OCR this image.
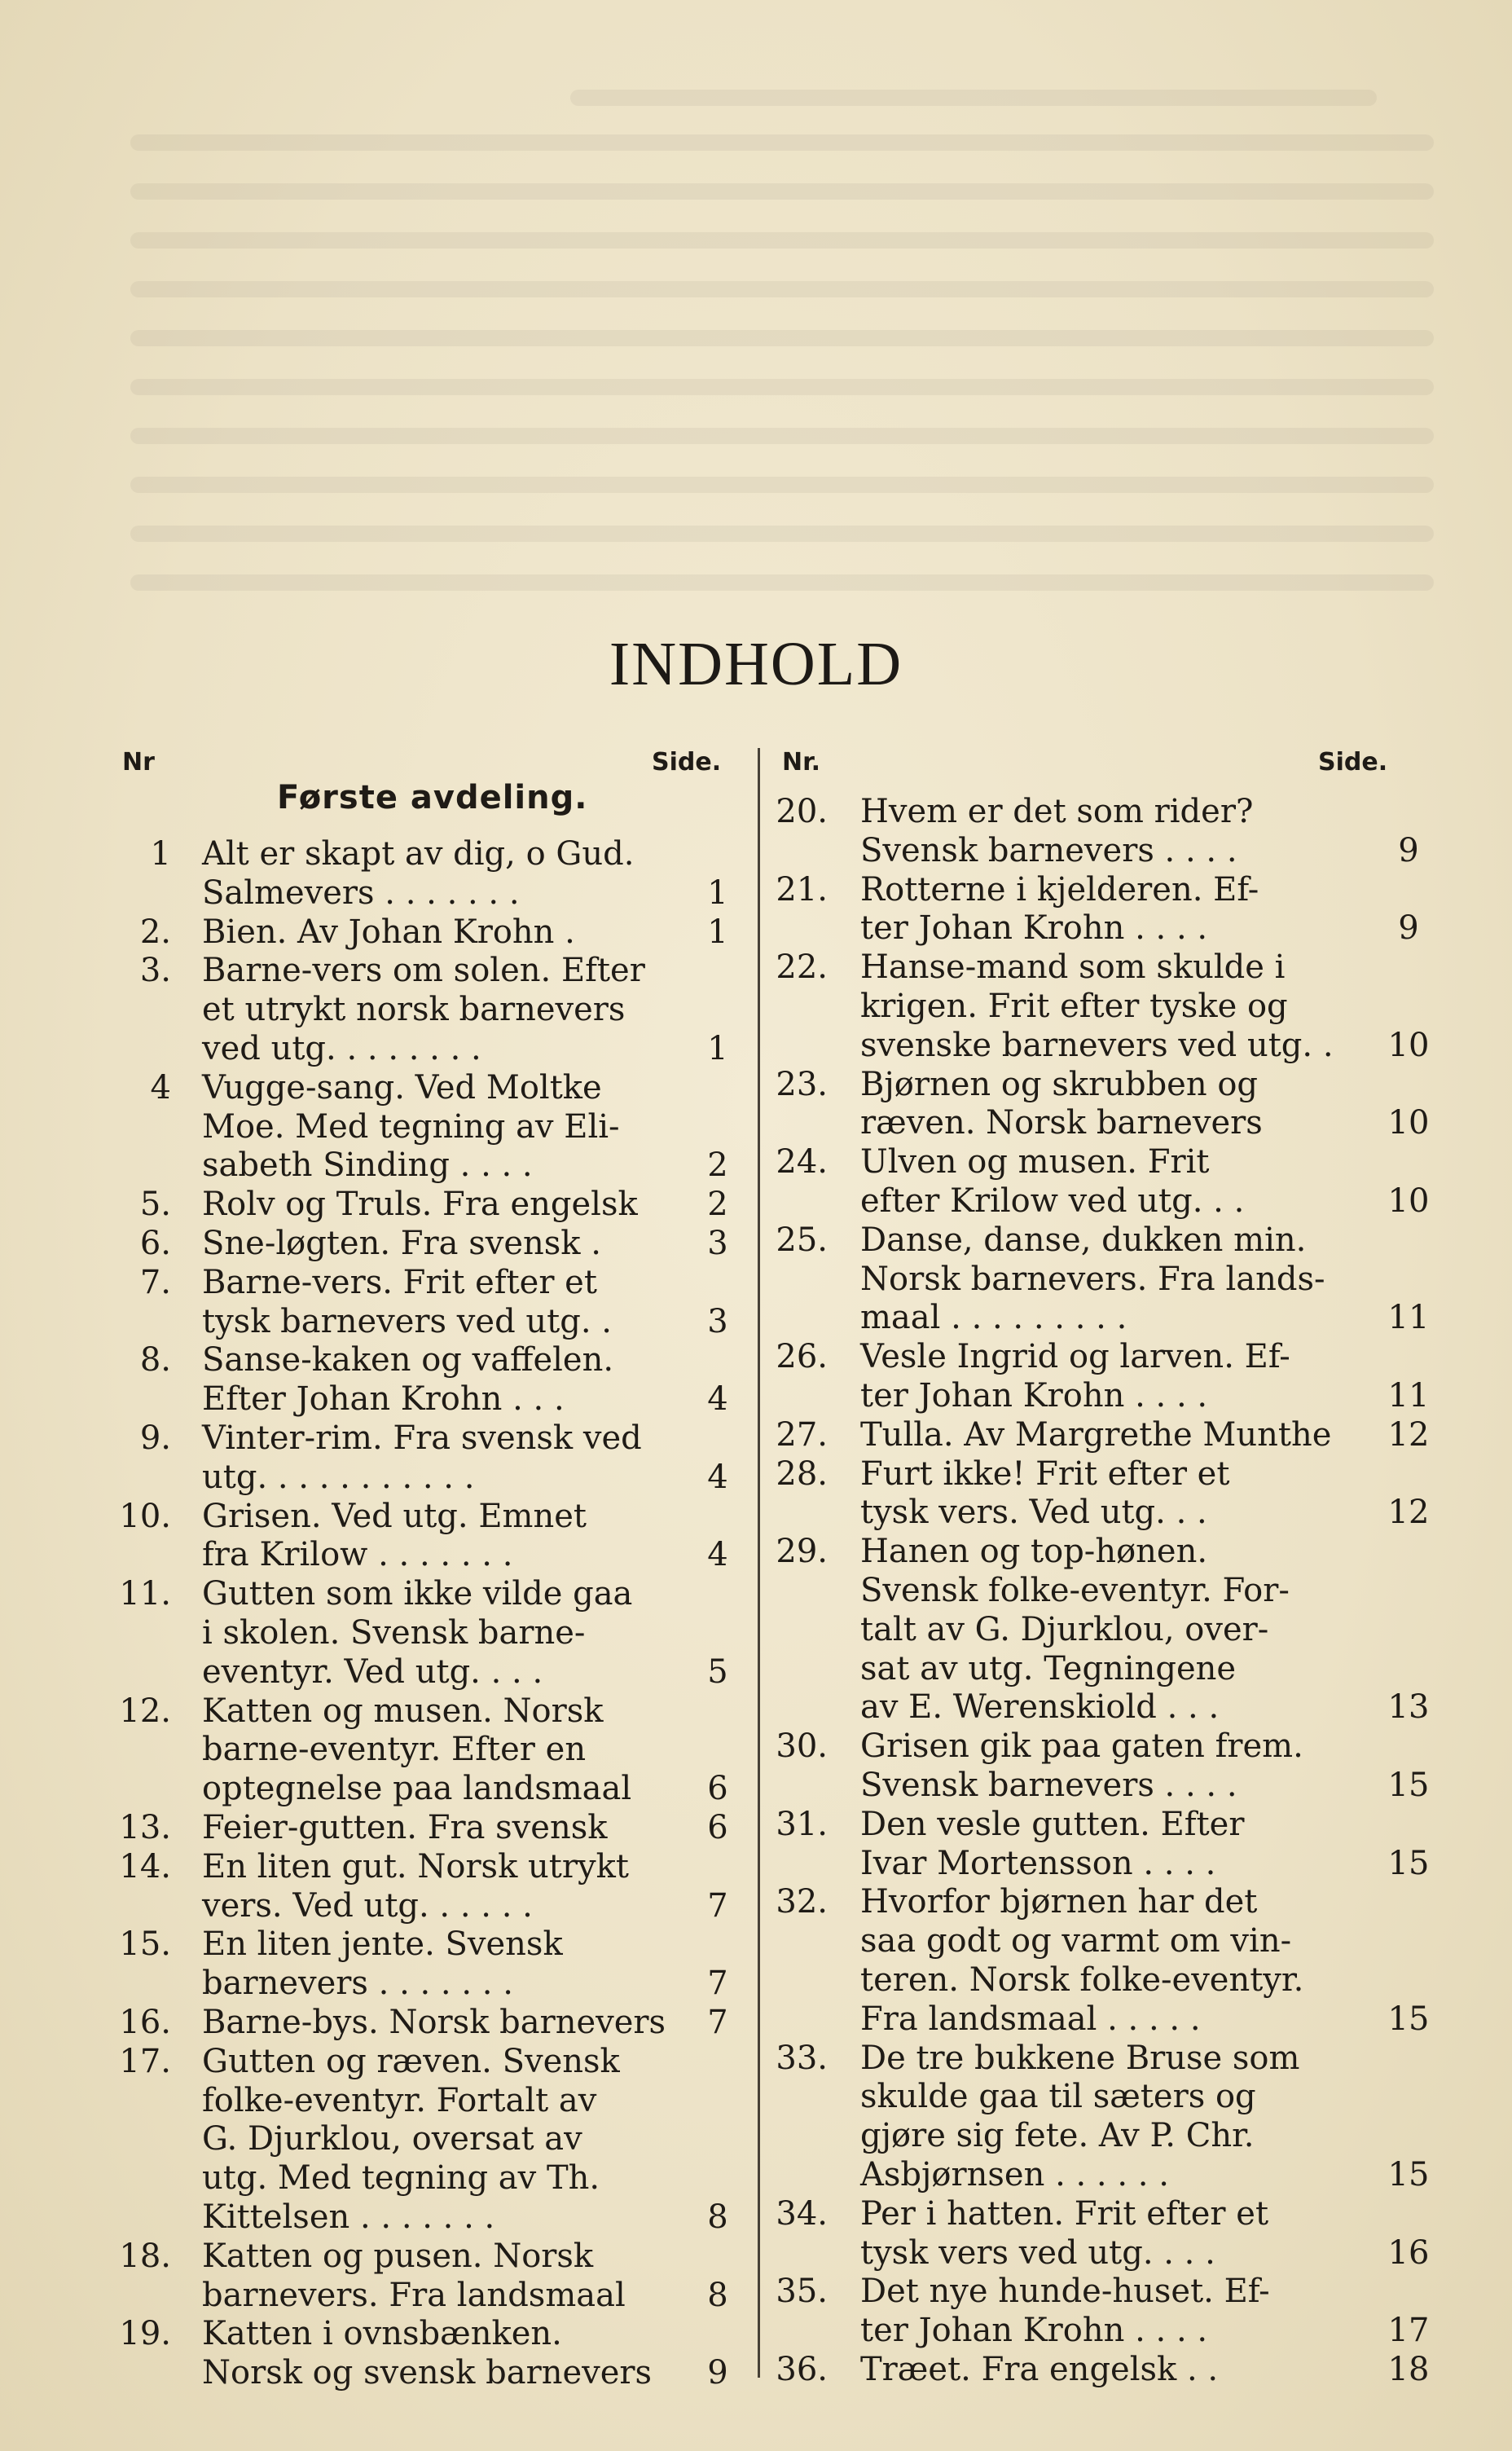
INDHOLD
Nr	Side.
Første avdeling.
1 Alt er skapt av dig, o Gud.
Salmevers . . . . . . .	1
2. Bien. Av Johan Krohn .	1
3. Barne-vers om solen. Efter
et utrykt norsk barnevers
ved utg. . . . . . . .	1
4 Vugge-sang. Ved Moltke
Moe. Med tegning av Eli-
sabeth Sinding . . . .	2
5. Rolv og Truls. Fra engelsk	2
6. Sne-løgten. Fra svensk .	3
7. Barne-vers. Frit efter et
tysk barnevers ved utg. .	3
8. Sanse-kaken og vaffelen.
Efter Johan Krohn . . .	4
9. Vinter-rim. Fra svensk ved
utg. . . . . . . . . . .	4
10. Grisen. Ved utg. Emnet
fra Krilow . . . . . . .	4
11. Gutten som ikke vilde gaa
i skolen. Svensk barne-
eventyr. Ved utg. . . .	5
12. Katten og musen. Norsk
barne-eventyr. Efter en
optegnelse paa landsmaal	6
13. Feier-gutten. Fra svensk	6
14. En liten gut. Norsk utrykt
vers. Ved utg. . . . . .	7
15. En liten jente. Svensk
barnevers . . . . . . .	7
16. Barne-bys. Norsk barnevers	7
17. Gutten og ræven. Svensk
folke-eventyr. Fortalt av
G. Djurklou, oversat av
utg. Med tegning av Th.
Kittelsen . . . . . . .	8
18. Katten og pusen. Norsk
barnevers. Fra landsmaal	8
19. Katten i ovnsbænken.
Norsk og svensk barnevers	9
Nr.	Side.
20. Hvem er det som rider?
Svensk barnevers . . . .	9
21. Rotterne i kjelderen. Ef-
ter Johan Krohn . . . .	9
22. Hanse-mand som skulde i
krigen. Frit efter tyske og
svenske barnevers ved utg. .	10
23. Bjørnen og skrubben og
ræven. Norsk barnevers	10
24. Ulven og musen. Frit
efter Krilow ved utg. . .	10
25. Danse, danse, dukken min.
Norsk barnevers. Fra lands-
maal . . . . . . . . .	11
26. Vesle Ingrid og larven. Ef-
ter Johan Krohn . . . .	11
27. Tulla. Av Margrethe Munthe	12
28. Furt ikke! Frit efter et
tysk vers. Ved utg. . .	12
29. Hanen og top-hønen.
Svensk folke-eventyr. For-
talt av G. Djurklou, over-
sat av utg. Tegningene
av E. Werenskiold . . .	13
30. Grisen gik paa gaten frem.
Svensk barnevers . . . .	15
31. Den vesle gutten. Efter
Ivar Mortensson . . . .	15
32. Hvorfor bjørnen har det
saa godt og varmt om vin-
teren. Norsk folke-eventyr.
Fra landsmaal . . . . .	15
33. De tre bukkene Bruse som
skulde gaa til sæters og
gjøre sig fete. Av P. Chr.
Asbjørnsen . . . . . .	15
34. Per i hatten. Frit efter et
tysk vers ved utg. . . .	16
35. Det nye hunde-huset. Ef-
ter Johan Krohn . . . .	17
36. Træet. Fra engelsk . .	18
